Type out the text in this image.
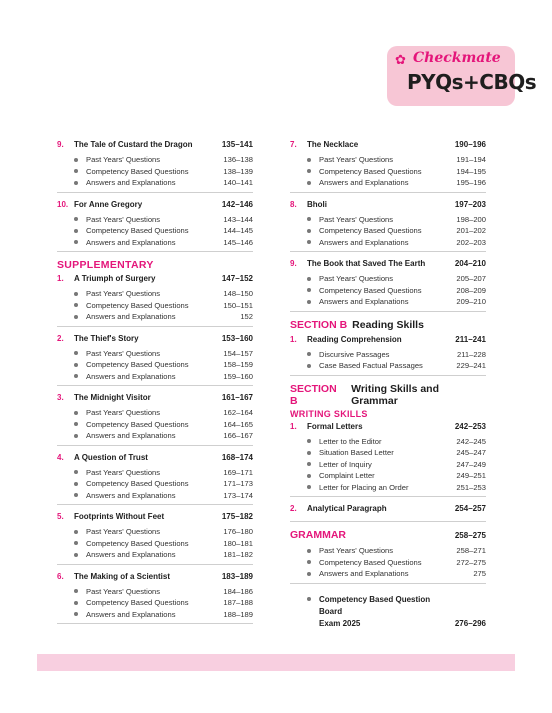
✿ Checkmate
PYQs+CBQs
9.	The Tale of Custard the Dragon	135–141
Past Years' Questions	136–138
Competency Based Questions	138–139
Answers and Explanations	140–141
10. For Anne Gregory	142–146
Past Years' Questions	143–144
Competency Based Questions	144–145
Answers and Explanations	145–146
SUPPLEMENTARY
1.	A Triumph of Surgery	147–152
Past Years' Questions	148–150
Competency Based Questions	150–151
Answers and Explanations	152
2.	The Thief's Story	153–160
Past Years' Questions	154–157
Competency Based Questions	158–159
Answers and Explanations	159–160
3.	The Midnight Visitor	161–167
Past Years' Questions	162–164
Competency Based Questions	164–165
Answers and Explanations	166–167
4.	A Question of Trust	168–174
Past Years' Questions	169–171
Competency Based Questions	171–173
Answers and Explanations	173–174
5.	Footprints Without Feet	175–182
Past Years' Questions	176–180
Competency Based Questions	180–181
Answers and Explanations	181–182
6.	The Making of a Scientist	183–189
Past Years' Questions	184–186
Competency Based Questions	187–188
Answers and Explanations	188–189
7.	The Necklace	190–196
Past Years' Questions	191–194
Competency Based Questions	194–195
Answers and Explanations	195–196
8.	Bholi	197–203
Past Years' Questions	198–200
Competency Based Questions	201–202
Answers and Explanations	202–203
9.	The Book that Saved The Earth	204–210
Past Years' Questions	205–207
Competency Based Questions	208–209
Answers and Explanations	209–210
SECTION B Reading Skills
1.	Reading Comprehension	211–241
Discursive Passages	211–228
Case Based Factual Passages	229–241
SECTION B
Writing Skills and Grammar
WRITING SKILLS
1.	Formal Letters	242–253
Letter to the Editor	242–245
Situation Based Letter	245–247
Letter of Inquiry	247–249
Complaint Letter	249–251
Letter for Placing an Order	251–253
2.	Analytical Paragraph	254–257
GRAMMAR	258–275
Past Years' Questions	258–271
Competency Based Questions	272–275
Answers and Explanations	275
Competency Based Question Board
Exam 2025	276–296
